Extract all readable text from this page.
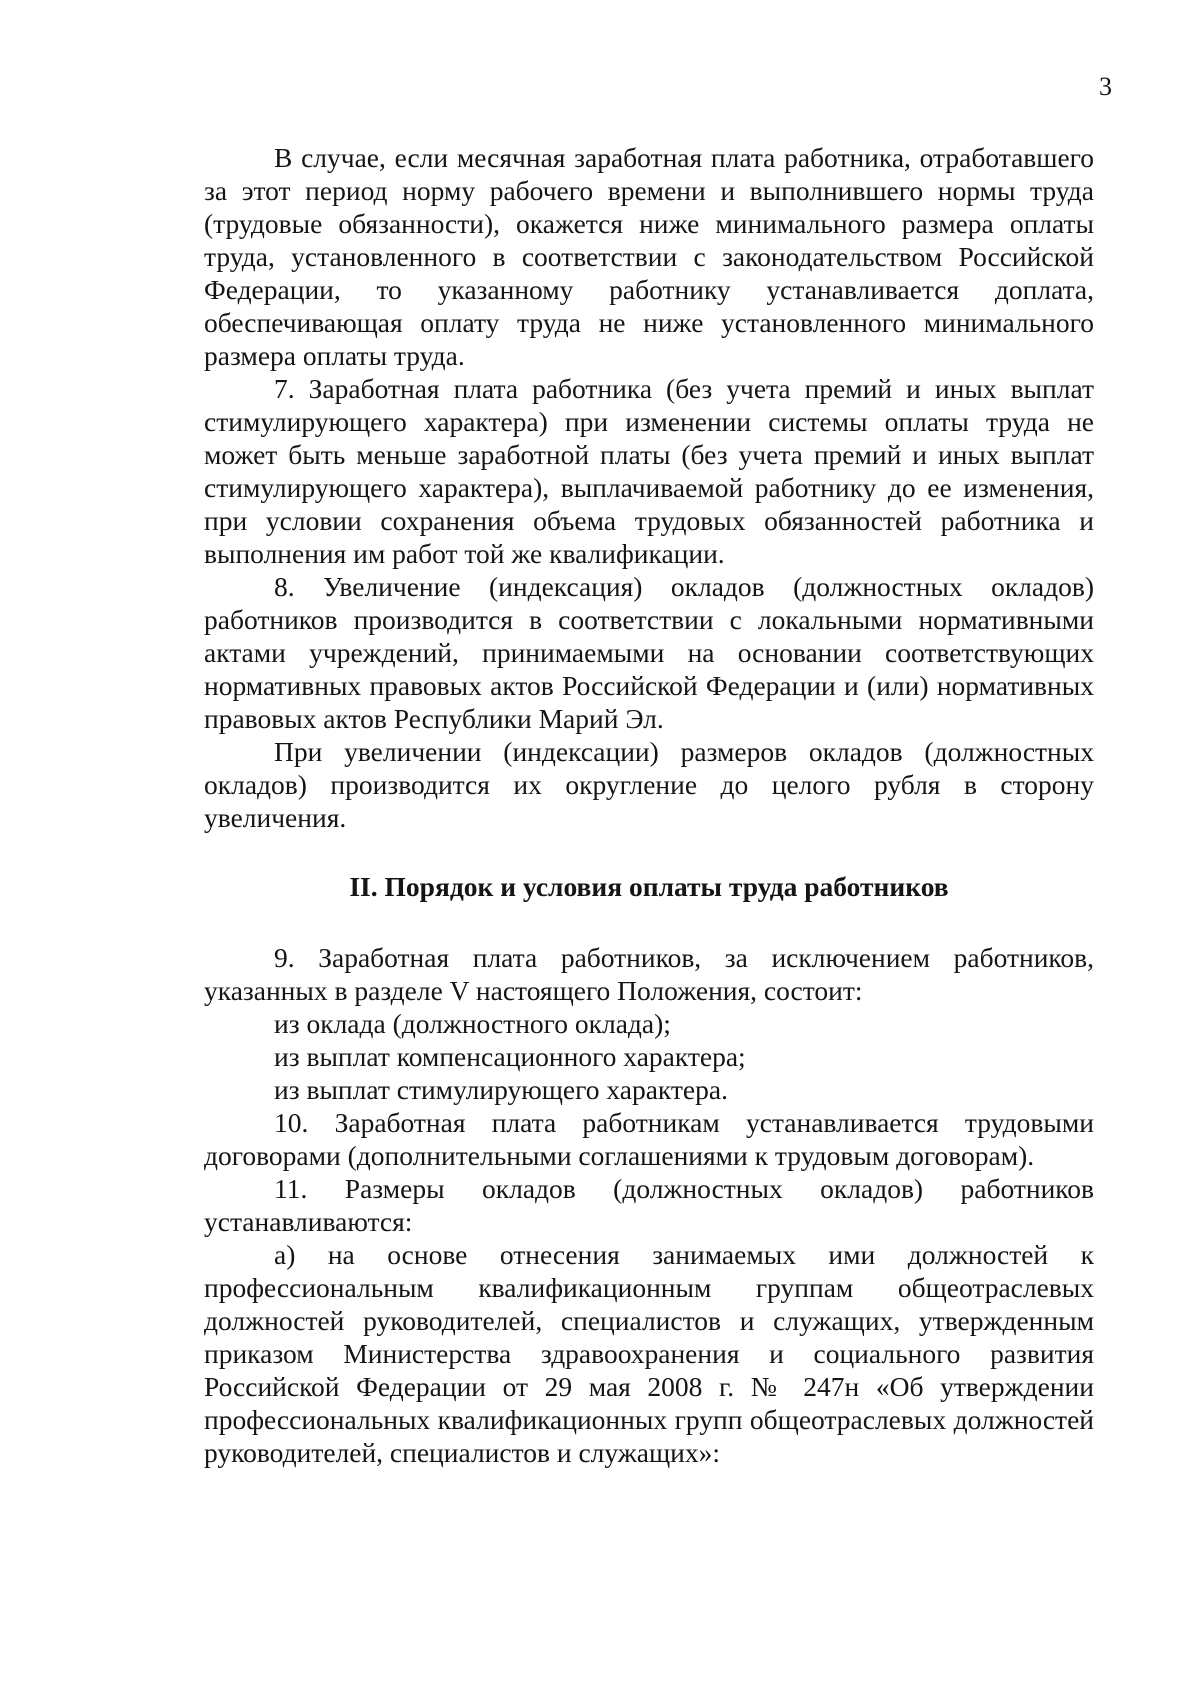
3

В случае, если месячная заработная плата работника, отработавшего за этот период норму рабочего времени и выполнившего нормы труда (трудовые обязанности), окажется ниже минимального размера оплаты труда, установленного в соответствии с законодательством Российской Федерации, то указанному работнику устанавливается доплата, обеспечивающая оплату труда не ниже установленного минимального размера оплаты труда.

7. Заработная плата работника (без учета премий и иных выплат стимулирующего характера) при изменении системы оплаты труда не может быть меньше заработной платы (без учета премий и иных выплат стимулирующего характера), выплачиваемой работнику до ее изменения, при условии сохранения объема трудовых обязанностей работника и выполнения им работ той же квалификации.

8. Увеличение (индексация) окладов (должностных окладов) работников производится в соответствии с локальными нормативными актами учреждений, принимаемыми на основании соответствующих нормативных правовых актов Российской Федерации и (или) нормативных правовых актов Республики Марий Эл.

При увеличении (индексации) размеров окладов (должностных окладов) производится их округление до целого рубля в сторону увеличения.

II. Порядок и условия оплаты труда работников

9. Заработная плата работников, за исключением работников, указанных в разделе V настоящего Положения, состоит:

из оклада (должностного оклада);

из выплат компенсационного характера;

из выплат стимулирующего характера.

10. Заработная плата работникам устанавливается трудовыми договорами (дополнительными соглашениями к трудовым договорам).

11. Размеры окладов (должностных окладов) работников устанавливаются:

а) на основе отнесения занимаемых ими должностей к профессиональным квалификационным группам общеотраслевых должностей руководителей, специалистов и служащих, утвержденным приказом Министерства здравоохранения и социального развития Российской Федерации от 29 мая 2008 г. № 247н «Об утверждении профессиональных квалификационных групп общеотраслевых должностей руководителей, специалистов и служащих»:
